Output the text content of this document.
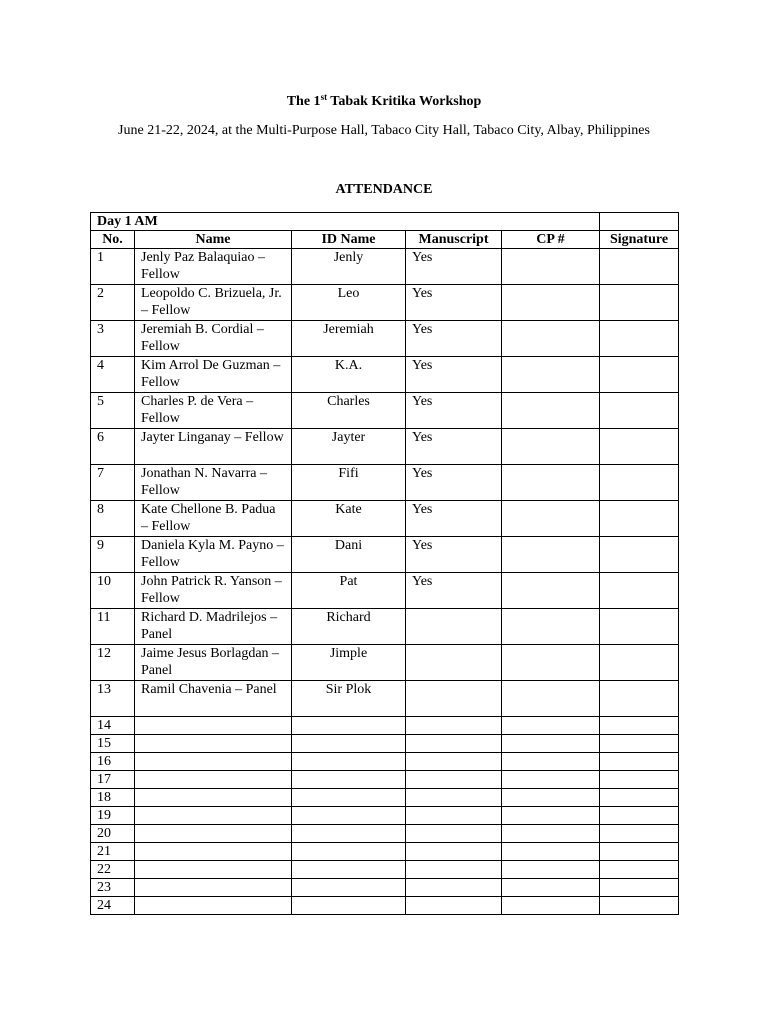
The 1st Tabak Kritika Workshop
June 21-22, 2024, at the Multi-Purpose Hall, Tabaco City Hall, Tabaco City, Albay, Philippines
ATTENDANCE
Day 1 AM					
No.	Name	ID Name	Manuscript	CP #	Signature
1	Jenly Paz Balaquiao – Fellow	Jenly	Yes		
2	Leopoldo C. Brizuela, Jr. – Fellow	Leo	Yes		
3	Jeremiah B. Cordial – Fellow	Jeremiah	Yes		
4	Kim Arrol De Guzman – Fellow	K.A.	Yes		
5	Charles P. de Vera – Fellow	Charles	Yes		
6	Jayter Linganay – Fellow	Jayter	Yes		
7	Jonathan N. Navarra – Fellow	Fifi	Yes		
8	Kate Chellone B. Padua – Fellow	Kate	Yes		
9	Daniela Kyla M. Payno – Fellow	Dani	Yes		
10	John Patrick R. Yanson – Fellow	Pat	Yes		
11	Richard D. Madrilejos – Panel	Richard			
12	Jaime Jesus Borlagdan – Panel	Jimple			
13	Ramil Chavenia – Panel	Sir Plok			
14					
15					
16					
17					
18					
19					
20					
21					
22					
23					
24					
